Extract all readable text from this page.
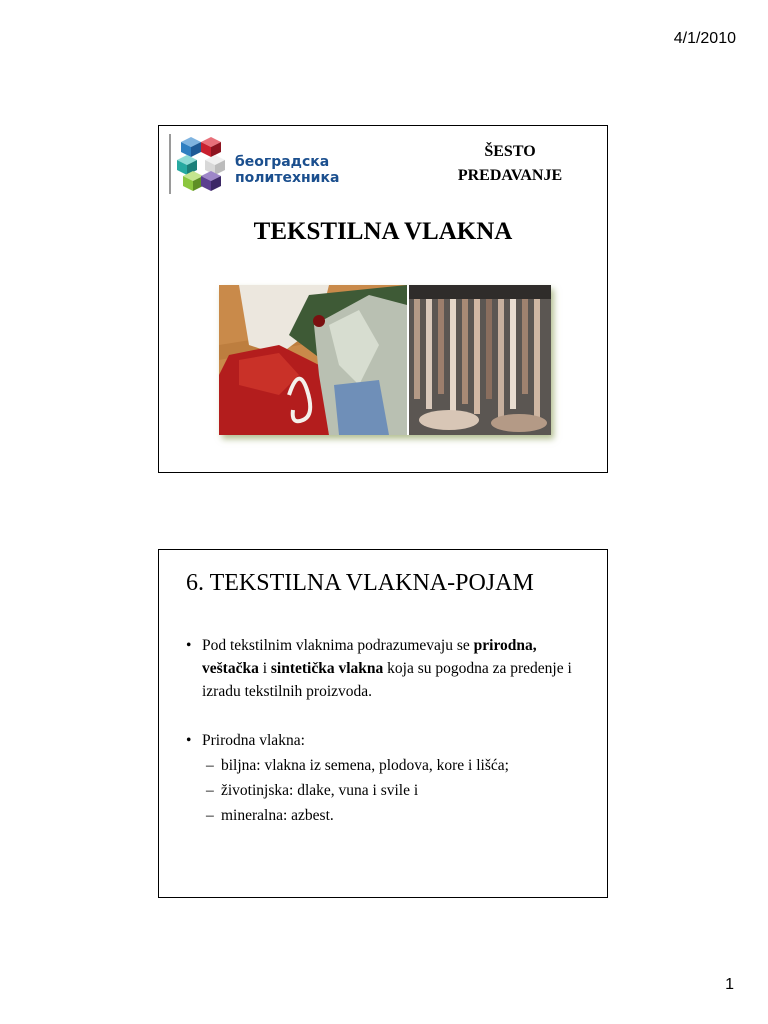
4/1/2010
београдска
политехника
ŠESTO
PREDAVANJE
TEKSTILNA VLAKNA
6. TEKSTILNA VLAKNA-POJAM
• Pod tekstilnim vlaknima podrazumevaju se prirodna, veštačka i sintetička vlakna koja su pogodna za predenje i izradu tekstilnih proizvoda.
• Prirodna vlakna:
– biljna: vlakna iz semena, plodova, kore i lišća;
– životinjska: dlake, vuna i svile i
– mineralna: azbest.
1
